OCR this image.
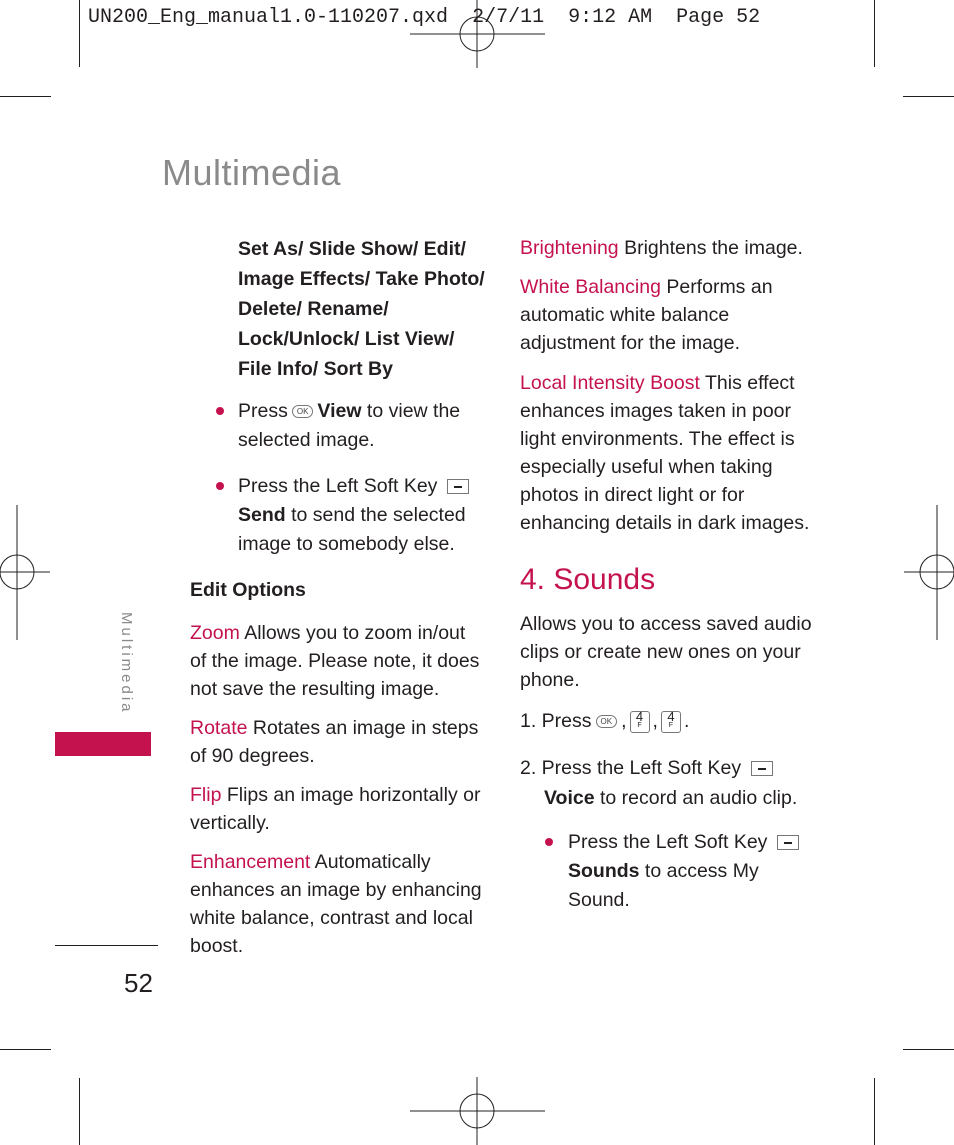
UN200_Eng_manual1.0-110207.qxd  2/7/11  9:12 AM  Page 52
Multimedia
Multimedia
52
Set As/ Slide Show/ Edit/
Image Effects/ Take Photo/
Delete/ Rename/
Lock/Unlock/ List View/
File Info/ Sort By
Press OK View to view the
selected image.
Press the Left Soft Key
Send to send the selected
image to somebody else.
Edit Options
Zoom Allows you to zoom in/out
of the image. Please note, it does
not save the resulting image.
Rotate Rotates an image in steps
of 90 degrees.
Flip Flips an image horizontally or
vertically.
Enhancement Automatically
enhances an image by enhancing
white balance, contrast and local
boost.
Brightening Brightens the image.
White Balancing Performs an
automatic white balance
adjustment for the image.
Local Intensity Boost This effect
enhances images taken in poor
light environments. The effect is
especially useful when taking
photos in direct light or for
enhancing details in dark images.
4. Sounds
Allows you to access saved audio
clips or create new ones on your
phone.
1. Press OK , 4
F , 4
F .
2. Press the Left Soft Key
Voice to record an audio clip.
Press the Left Soft Key
Sounds to access My
Sound.
